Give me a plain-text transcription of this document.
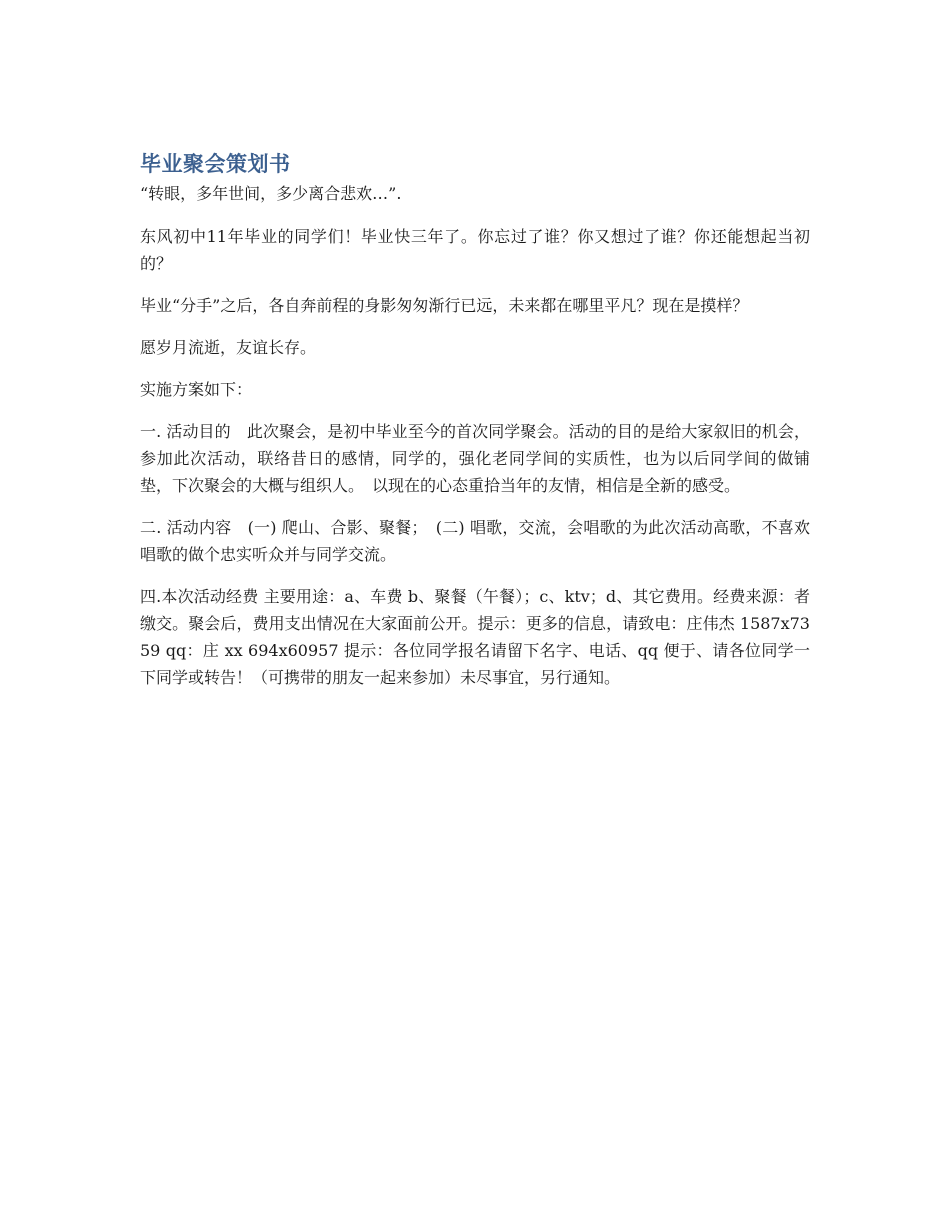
毕业聚会策划书

“转眼，多年世间，多少离合悲欢…”.

东风初中11年毕业的同学们！毕业快三年了。你忘过了谁？你又想过了谁？你还能想起当初的？

毕业“分手”之后，各自奔前程的身影匆匆渐行已远，未来都在哪里平凡？现在是摸样？

愿岁月流逝，友谊长存。

实施方案如下：

一. 活动目的　此次聚会，是初中毕业至今的首次同学聚会。活动的目的是给大家叙旧的机会，参加此次活动，联络昔日的感情，同学的，强化老同学间的实质性，也为以后同学间的做铺垫，下次聚会的大概与组织人。　以现在的心态重拾当年的友情，相信是全新的感受。

二. 活动内容　(一) 爬山、合影、聚餐；　(二) 唱歌，交流，会唱歌的为此次活动高歌，不喜欢唱歌的做个忠实听众并与同学交流。

四.本次活动经费 主要用途：a、车费 b、聚餐（午餐）；c、ktv；d、其它费用。经费来源：者缴交。聚会后，费用支出情况在大家面前公开。提示：更多的信息，请致电：庄伟杰 1587x7359 qq：庄 xx 694x60957 提示：各位同学报名请留下名字、电话、qq 便于、请各位同学一下同学或转告！（可携带的朋友一起来参加）未尽事宜，另行通知。
